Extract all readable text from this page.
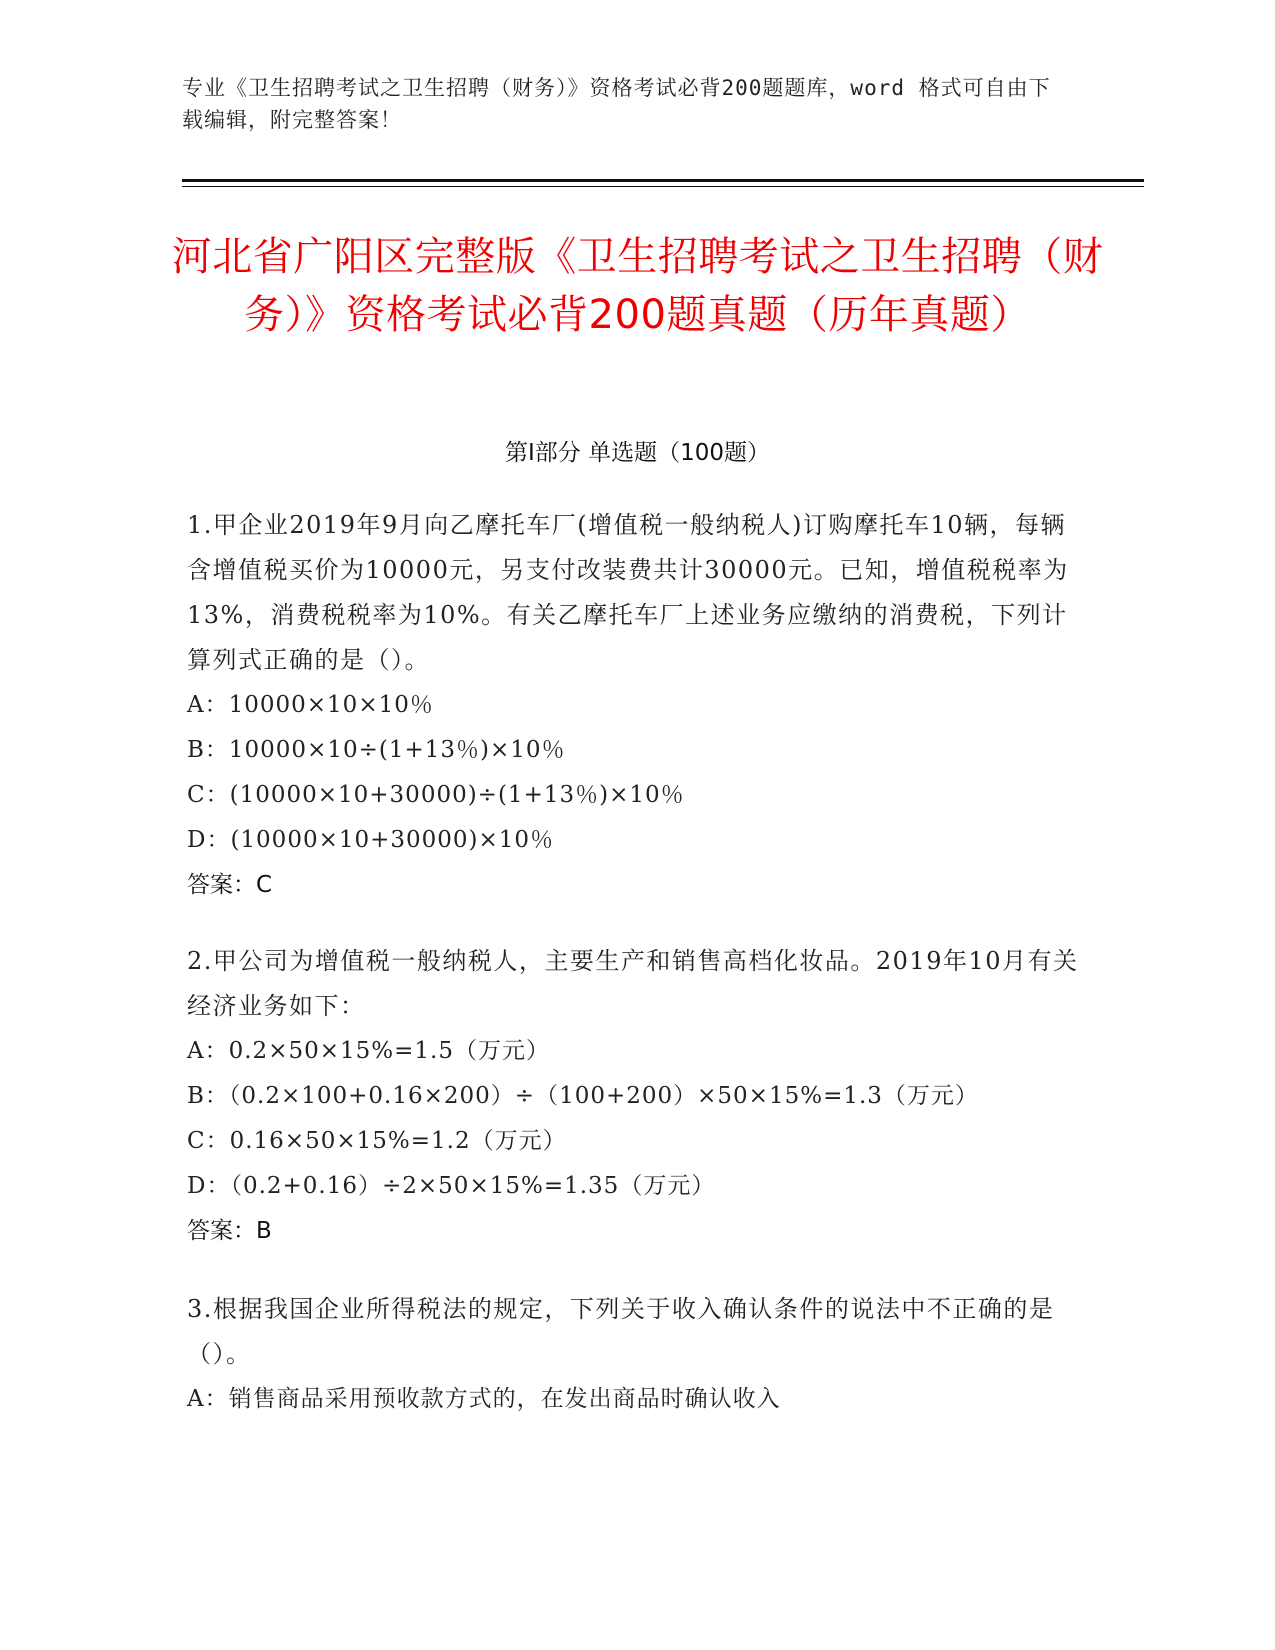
专业《卫生招聘考试之卫生招聘（财务）》资格考试必背200题题库，word 格式可自由下载编辑，附完整答案！
河北省广阳区完整版《卫生招聘考试之卫生招聘（财务）》资格考试必背200题真题（历年真题）
第Ⅰ部分 单选题（100题）
1.甲企业2019年9月向乙摩托车厂(增值税一般纳税人)订购摩托车10辆，每辆含增值税买价为10000元，另支付改装费共计30000元。已知，增值税税率为13%，消费税税率为10%。有关乙摩托车厂上述业务应缴纳的消费税，下列计算列式正确的是（）。
A：10000×10×10％
B：10000×10÷(1+13％)×10％
C：(10000×10+30000)÷(1+13％)×10％
D：(10000×10+30000)×10％
答案：C
2.甲公司为增值税一般纳税人，主要生产和销售高档化妆品。2019年10月有关经济业务如下：
A：0.2×50×15%=1.5（万元）
B：（0.2×100+0.16×200）÷（100+200）×50×15%=1.3（万元）
C：0.16×50×15%=1.2（万元）
D：（0.2+0.16）÷2×50×15%=1.35（万元）
答案：B
3.根据我国企业所得税法的规定，下列关于收入确认条件的说法中不正确的是（）。
A：销售商品采用预收款方式的，在发出商品时确认收入
